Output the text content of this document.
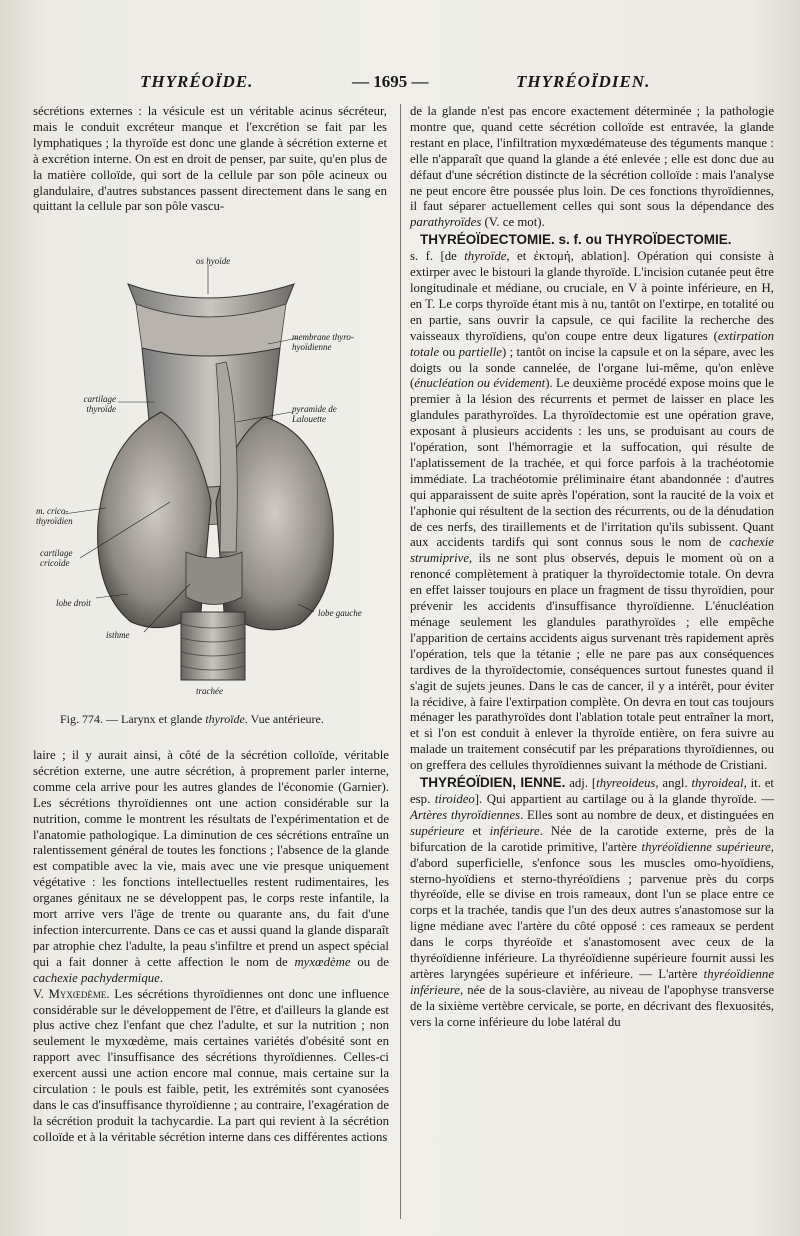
THYRÉOÏDE.	— 1695 —	THYRÉOÏDIEN.

sécrétions externes : la vésicule est un véritable acinus sécréteur, mais le conduit excréteur manque et l'excrétion se fait par les lymphatiques ; la thyroïde est donc une glande à sécrétion externe et à excrétion interne. On est en droit de penser, par suite, qu'en plus de la matière colloïde, qui sort de la cellule par son pôle acineux ou glandulaire, d'autres substances passent directement dans le sang en quittant la cellule par son pôle vascu-

os hyoïde
membrane thyro-hyoïdienne
cartilage thyroïde	pyramide de Lalouette
m. crico-thyroïdien
cartilage cricoïde
lobe droit
lobe gauche
isthme
trachée
Fig. 774. — Larynx et glande thyroïde. Vue antérieure.

laire ; il y aurait ainsi, à côté de la sécrétion colloïde, véritable sécrétion externe, une autre sécrétion, à proprement parler interne, comme cela arrive pour les autres glandes de l'économie (Garnier). Les sécrétions thyroïdiennes ont une action considérable sur la nutrition, comme le montrent les résultats de l'expérimentation et de l'anatomie pathologique. La diminution de ces sécrétions entraîne un ralentissement général de toutes les fonctions ; l'absence de la glande est compatible avec la vie, mais avec une vie presque uniquement végétative : les fonctions intellectuelles restent rudimentaires, les organes génitaux ne se développent pas, le corps reste infantile, la mort arrive vers l'âge de trente ou quarante ans, du fait d'une infection intercurrente. Dans ce cas et aussi quand la glande disparaît par atrophie chez l'adulte, la peau s'infiltre et prend un aspect spécial qui a fait donner à cette affection le nom de myxœdème ou de cachexie pachydermique.

V. Myxœdème. Les sécrétions thyroïdiennes ont donc une influence considérable sur le développement de l'être, et d'ailleurs la glande est plus active chez l'enfant que chez l'adulte, et sur la nutrition ; non seulement le myxœdème, mais certaines variétés d'obésité sont en rapport avec l'insuffisance des sécrétions thyroïdiennes. Celles-ci exercent aussi une action encore mal connue, mais certaine sur la circulation : le pouls est faible, petit, les extrémités sont cyanosées dans le cas d'insuffisance thyroïdienne ; au contraire, l'exagération de la sécrétion produit la tachycardie. La part qui revient à la sécrétion colloïde et à la véritable sécrétion interne dans ces différentes actions

de la glande n'est pas encore exactement déterminée ; la pathologie montre que, quand cette sécrétion colloïde est entravée, la glande restant en place, l'infiltration myxœdémateuse des téguments manque : elle n'apparaît que quand la glande a été enlevée ; elle est donc due au défaut d'une sécrétion distincte de la sécrétion colloïde : mais l'analyse ne peut encore être poussée plus loin. De ces fonctions thyroïdiennes, il faut séparer actuellement celles qui sont sous la dépendance des parathyroïdes (V. ce mot).

THYRÉOÏDECTOMIE. s. f. ou THYROÏDECTOMIE.

s. f. [de thyroïde, et ἐκτομή, ablation]. Opération qui consiste à extirper avec le bistouri la glande thyroïde. L'incision cutanée peut être longitudinale et médiane, ou cruciale, en V à pointe inférieure, en H, en T. Le corps thyroïde étant mis à nu, tantôt on l'extirpe, en totalité ou en partie, sans ouvrir la capsule, ce qui facilite la recherche des vaisseaux thyroïdiens, qu'on coupe entre deux ligatures (extirpation totale ou partielle) ; tantôt on incise la capsule et on la sépare, avec les doigts ou la sonde cannelée, de l'organe lui-même, qu'on enlève (énucléation ou évidement). Le deuxième procédé expose moins que le premier à la lésion des récurrents et permet de laisser en place les glandules parathyroïdes. La thyroïdectomie est une opération grave, exposant à plusieurs accidents : les uns, se produisant au cours de l'opération, sont l'hémorragie et la suffocation, qui résulte de l'aplatissement de la trachée, et qui force parfois à la trachéotomie immédiate. La trachéotomie préliminaire étant abandonnée : d'autres qui apparaissent de suite après l'opération, sont la raucité de la voix et l'aphonie qui résultent de la section des récurrents, ou de la dénudation de ces nerfs, des tiraillements et de l'irritation qu'ils subissent. Quant aux accidents tardifs qui sont connus sous le nom de cachexie strumiprive, ils ne sont plus observés, depuis le moment où on a renoncé complètement à pratiquer la thyroïdectomie totale. On devra en effet laisser toujours en place un fragment de tissu thyroïdien, pour prévenir les accidents d'insuffisance thyroïdienne. L'énucléation ménage seulement les glandules parathyroïdes ; elle empêche l'apparition de certains accidents aigus survenant très rapidement après l'opération, tels que la tétanie ; elle ne pare pas aux conséquences tardives de la thyroïdectomie, conséquences surtout funestes quand il s'agit de sujets jeunes. Dans le cas de cancer, il y a intérêt, pour éviter la récidive, à faire l'extirpation complète. On devra en tout cas toujours ménager les parathyroïdes dont l'ablation totale peut entraîner la mort, et si l'on est conduit à enlever la thyroïde entière, on fera suivre au malade un traitement consécutif par les préparations thyroïdiennes, ou on greffera des cellules thyroïdiennes suivant la méthode de Cristiani.

THYRÉOÏDIEN, IENNE. adj. [thyreoideus, angl. thyroideal, it. et esp. tiroideo]. Qui appartient au cartilage ou à la glande thyroïde. — Artères thyroïdiennes. Elles sont au nombre de deux, et distinguées en supérieure et inférieure. Née de la carotide externe, près de la bifurcation de la carotide primitive, l'artère thyréoïdienne supérieure, d'abord superficielle, s'enfonce sous les muscles omo-hyoïdiens, sterno-hyoïdiens et sterno-thyréoïdiens ; parvenue près du corps thyréoïde, elle se divise en trois rameaux, dont l'un se place entre ce corps et la trachée, tandis que l'un des deux autres s'anastomose sur la ligne médiane avec l'artère du côté opposé : ces rameaux se perdent dans le corps thyréoïde et s'anastomosent avec ceux de la thyréoïdienne inférieure. La thyréoïdienne supérieure fournit aussi les artères laryngées supérieure et inférieure. — L'artère thyréoïdienne inférieure, née de la sous-clavière, au niveau de l'apophyse transverse de la sixième vertèbre cervicale, se porte, en décrivant des flexuosités, vers la corne inférieure du lobe latéral du
